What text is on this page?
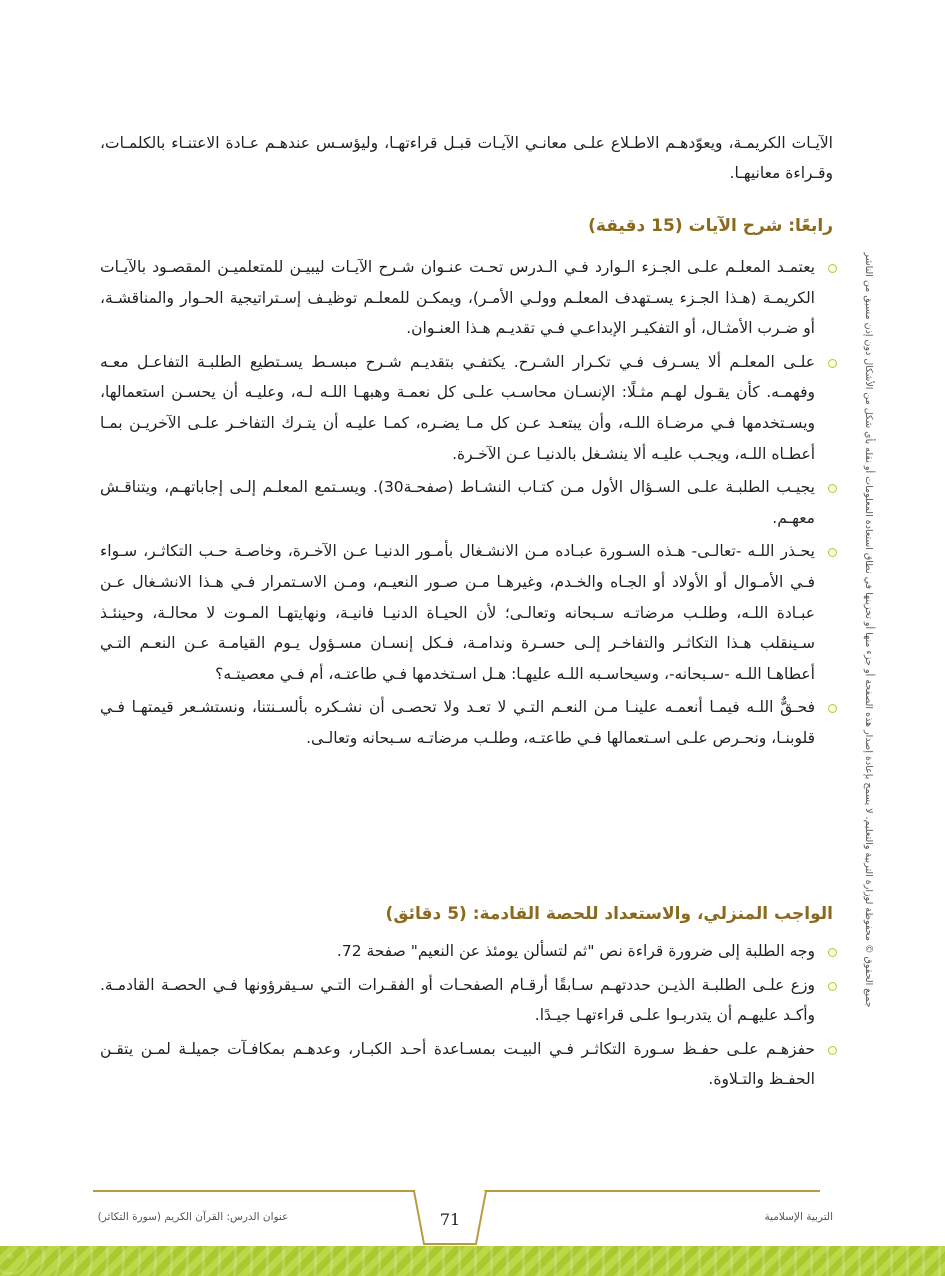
الآيـات الكريمـة، ويعوّدهـم الاطـلاع علـى معانـي الآيـات قبـل قراءتهـا، وليؤسـس عندهـم عـادة الاعتنـاء بالكلمـات، وقـراءة معانيهـا.

رابعًا: شرح الآيات (15 دقيقة)
يعتمـد المعلـم علـى الجـزء الـوارد فـي الـدرس تحـت عنـوان شـرح الآيـات ليبيـن للمتعلميـن المقصـود بالآيـات الكريمـة (هـذا الجـزء يسـتهدف المعلـم وولـي الأمـر)، ويمكـن للمعلـم توظيـف إسـتراتيجية الحـوار والمناقشـة، أو ضـرب الأمثـال، أو التفكيـر الإبداعـي فـي تقديـم هـذا العنـوان.
علـى المعلـم ألا يسـرف فـي تكـرار الشـرح. يكتفـي بتقديـم شـرح مبسـط يسـتطيع الطلبـة التفاعـل معـه وفهمـه. كأن يقـول لهـم مثـلًا: الإنسـان محاسـب علـى كل نعمـة وهبهـا اللـه لـه، وعليـه أن يحسـن استعمالها، ويسـتخدمها فـي مرضـاة اللـه، وأن يبتعـد عـن كل مـا يضـره، كمـا عليـه أن يتـرك التفاخـر علـى الآخريـن بمـا أعطـاه اللـه، ويجـب عليـه ألا ينشـغل بالدنيـا عـن الآخـرة.
يجيـب الطلبـة علـى السـؤال الأول مـن كتـاب النشـاط (صفحـة30). ويسـتمع المعلـم إلـى إجاباتهـم، ويتناقـش معهـم.
يحـذر اللـه -تعالـى- هـذه السـورة عبـاده مـن الانشـغال بأمـور الدنيـا عـن الآخـرة، وخاصـة حـب التكاثـر، سـواء فـي الأمـوال أو الأولاد أو الجـاه والخـدم، وغيرهـا مـن صـور النعيـم، ومـن الاسـتمرار فـي هـذا الانشـغال عـن عبـادة اللـه، وطلـب مرضاتـه سـبحانه وتعالـى؛ لأن الحيـاة الدنيـا فانيـة، ونهايتهـا المـوت لا محالـة، وحينئـذ سـينقلب هـذا التكاثـر والتفاخـر إلـى حسـرة وندامـة، فـكل إنسـان مسـؤول يـوم القيامـة عـن النعـم التـي أعطاهـا اللـه -سـبحانه-، وسيحاسـبه اللـه عليهـا: هـل اسـتخدمها فـي طاعتـه، أم فـي معصيتـه؟
فحـقٌّ اللـه فيمـا أنعمـه علينـا مـن النعـم التـي لا تعـد ولا تحصـى أن نشـكره بألسـنتنا، ونستشـعر قيمتهـا فـي قلوبنـا، ونحـرص علـى اسـتعمالها فـي طاعتـه، وطلـب مرضاتـه سـبحانه وتعالـى.
الواجب المنزلي، والاستعداد للحصة القادمة: (5 دقائق)
وجه الطلبة إلى ضرورة قراءة نص "ثم لتسألن يومئذ عن النعيم" صفحة 72.
وزع علـى الطلبـة الذيـن حددتهـم سـابقًا أرقـام الصفحـات أو الفقـرات التـي سـيقرؤونها فـي الحصـة القادمـة. وأكـد عليهـم أن يتدربـوا علـى قراءتهـا جيـدًا.
حفزهـم علـى حفـظ سـورة التكاثـر فـي البيـت بمسـاعدة أحـد الكبـار، وعدهـم بمكافـآت جميلـة لمـن يتقـن الحفـظ والتـلاوة.
جميع الحقوق © محفوظة لوزارة التربية والتعليم. لا يسمح بإعادة إصدار هذه الصفحة أو جزء منها أو تخزينها في نطاق استعادة المعلومات أو نقله بأي شكل من الأشكال دون إذن مسبق من الناشر
71
عنوان الدرس: القرآن الكريم (سورة التكاثر)	التربية الإسلامية
